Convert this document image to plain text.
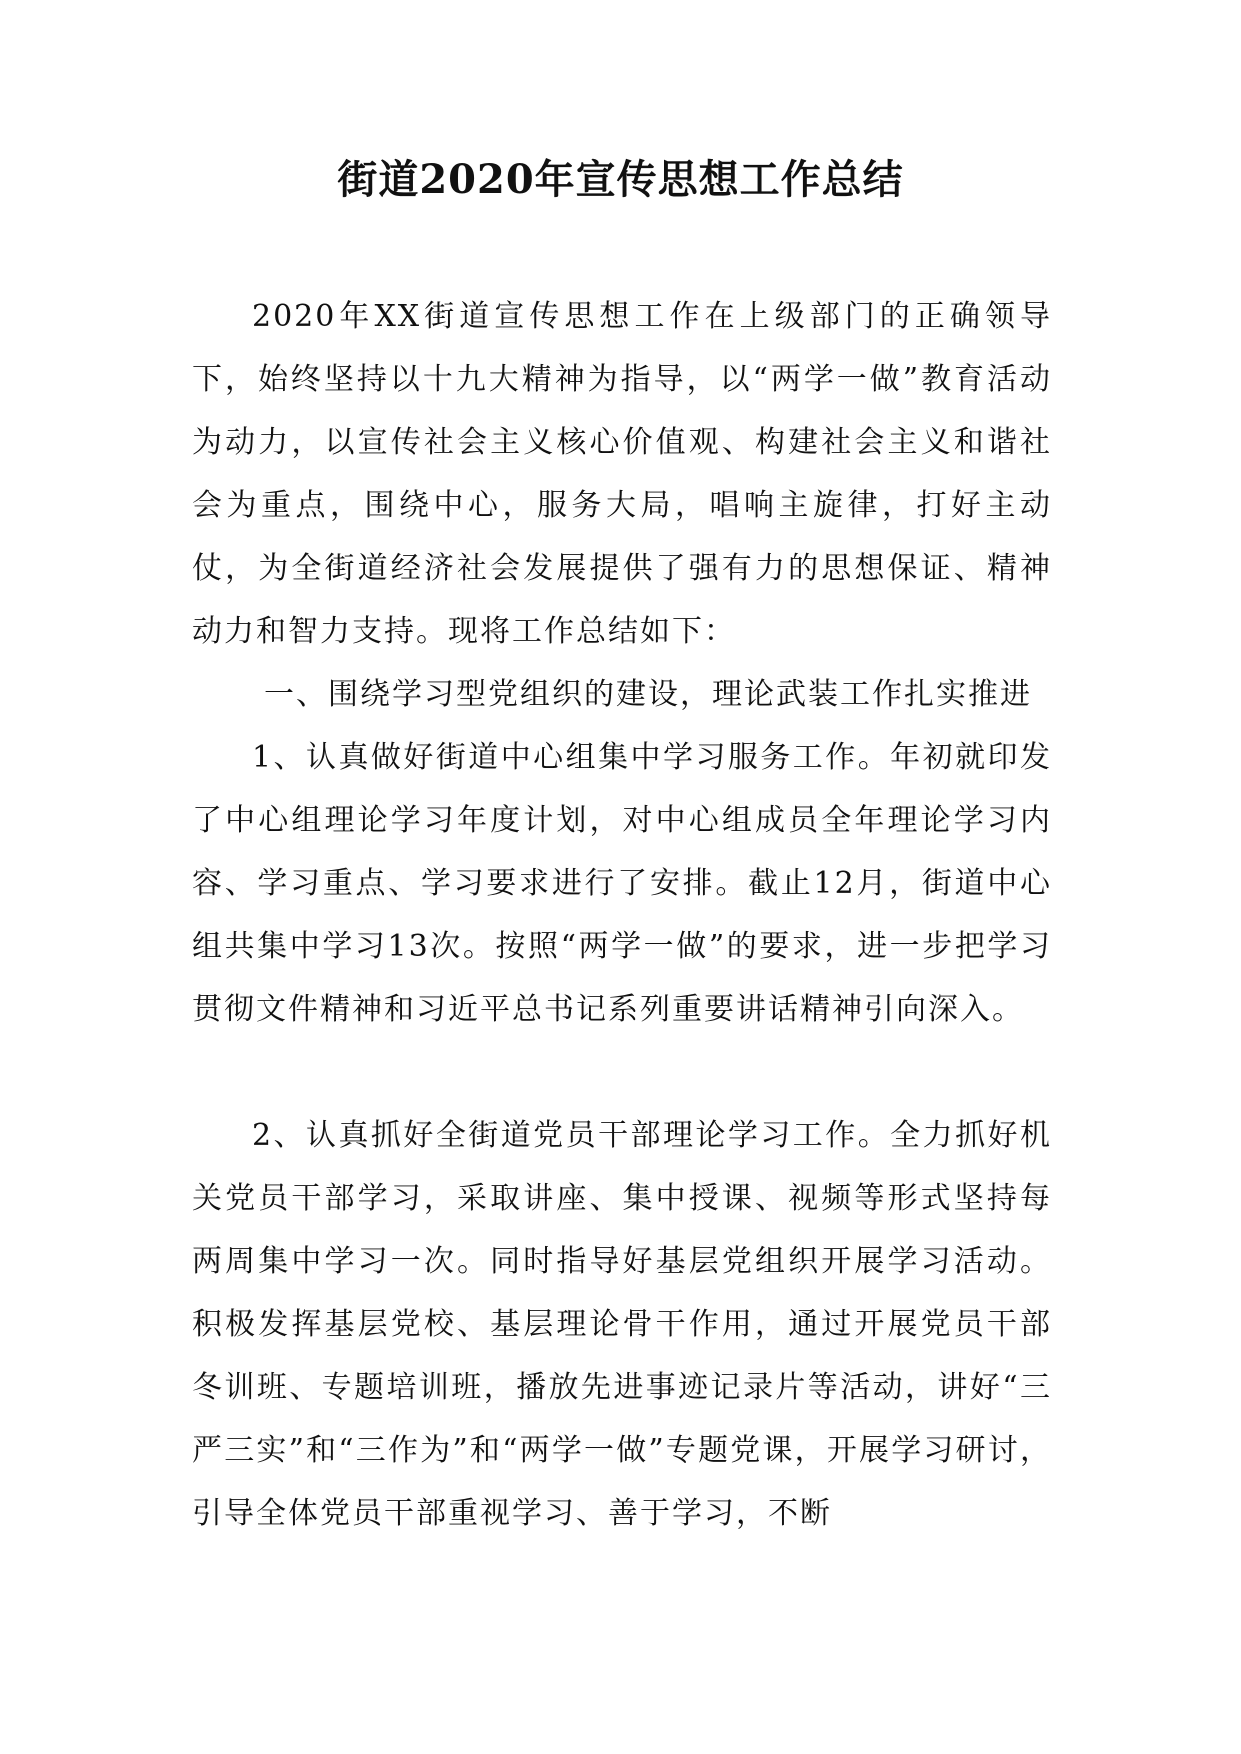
街道2020年宣传思想工作总结

2020年XX街道宣传思想工作在上级部门的正确领导下，始终坚持以十九大精神为指导，以“两学一做”教育活动为动力，以宣传社会主义核心价值观、构建社会主义和谐社会为重点，围绕中心，服务大局，唱响主旋律，打好主动仗，为全街道经济社会发展提供了强有力的思想保证、精神动力和智力支持。现将工作总结如下：

一、围绕学习型党组织的建设，理论武装工作扎实推进

1、认真做好街道中心组集中学习服务工作。年初就印发了中心组理论学习年度计划，对中心组成员全年理论学习内容、学习重点、学习要求进行了安排。截止12月，街道中心组共集中学习13次。按照“两学一做”的要求，进一步把学习贯彻文件精神和习近平总书记系列重要讲话精神引向深入。

2、认真抓好全街道党员干部理论学习工作。全力抓好机关党员干部学习，采取讲座、集中授课、视频等形式坚持每两周集中学习一次。同时指导好基层党组织开展学习活动。积极发挥基层党校、基层理论骨干作用，通过开展党员干部冬训班、专题培训班，播放先进事迹记录片等活动，讲好“三严三实”和“三作为”和“两学一做”专题党课，开展学习研讨，引导全体党员干部重视学习、善于学习，不断
